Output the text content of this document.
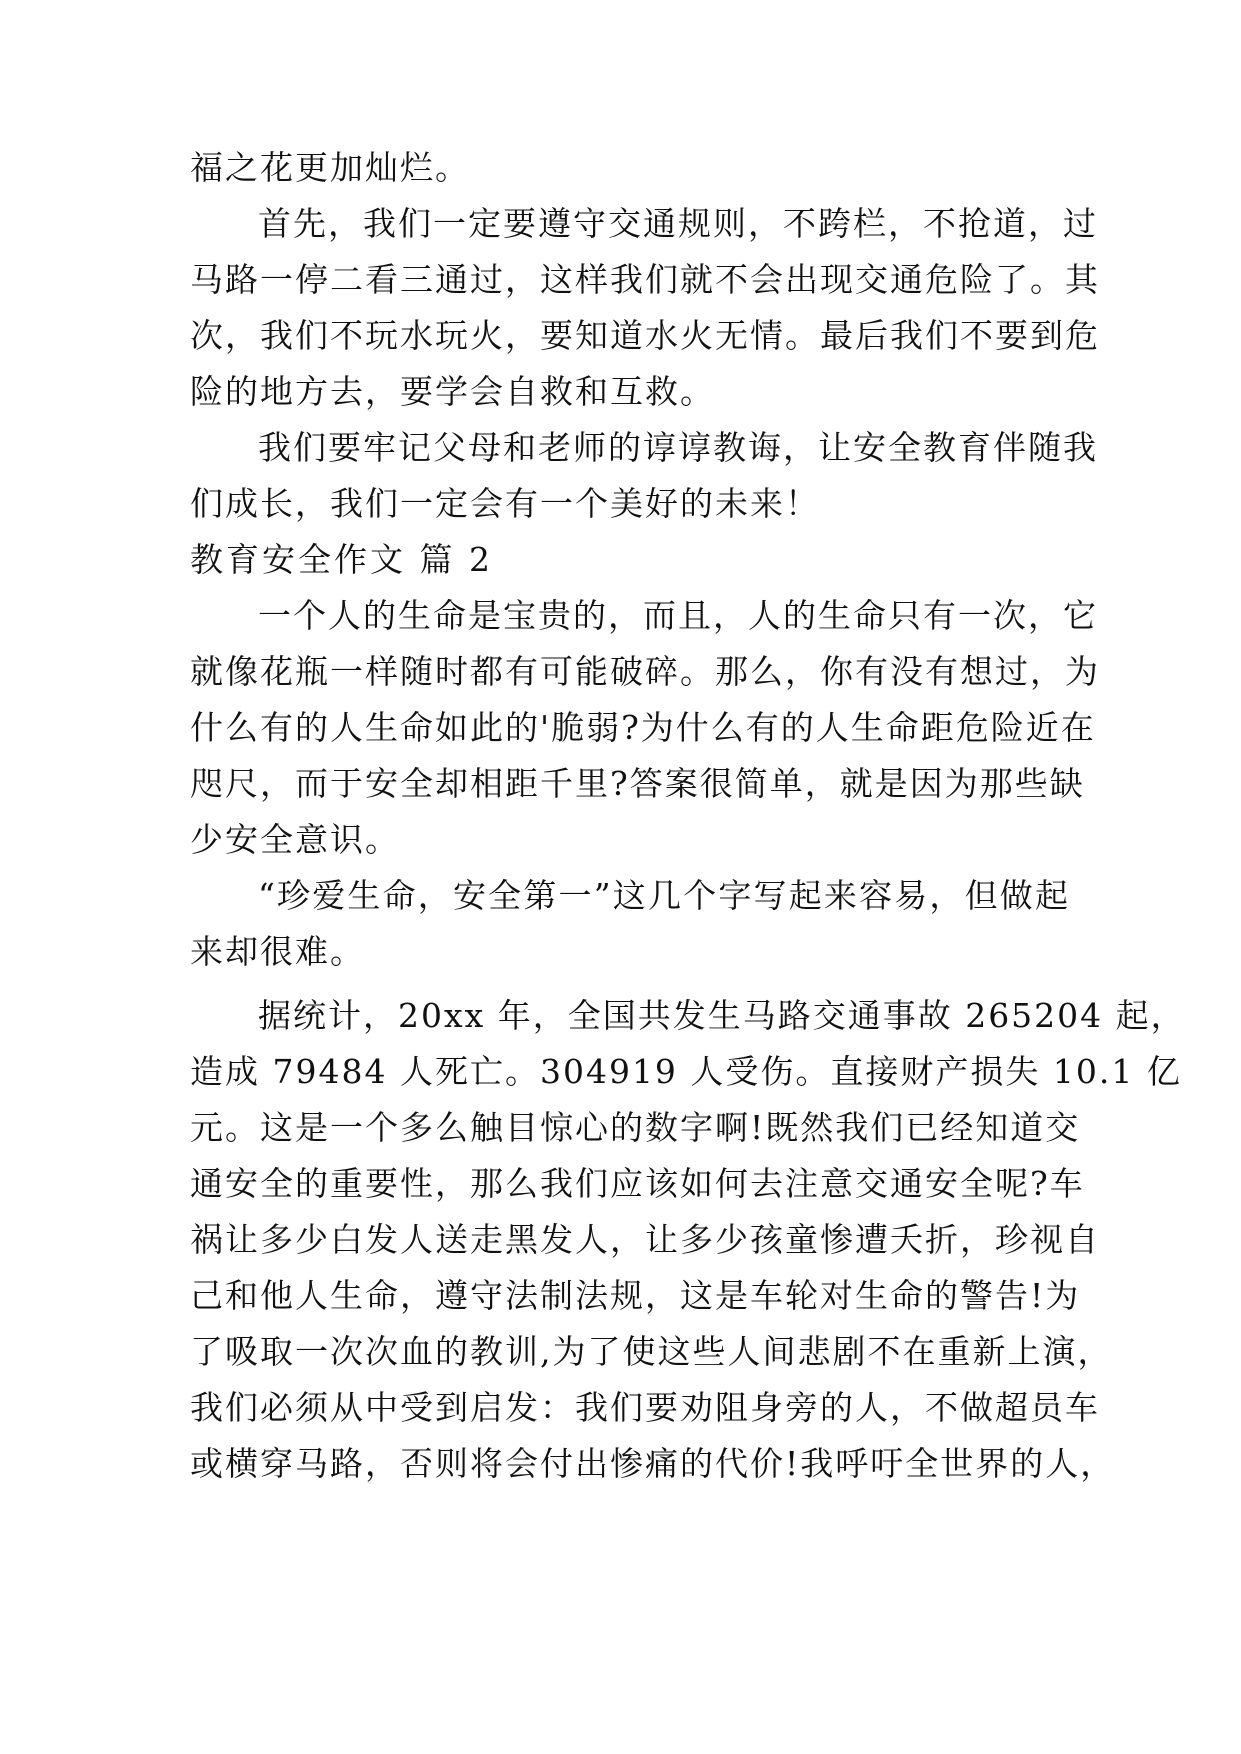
福之花更加灿烂。
首先，我们一定要遵守交通规则，不跨栏，不抢道，过
马路一停二看三通过，这样我们就不会出现交通危险了。其
次，我们不玩水玩火，要知道水火无情。最后我们不要到危
险的地方去，要学会自救和互救。
我们要牢记父母和老师的谆谆教诲，让安全教育伴随我
们成长，我们一定会有一个美好的未来！
教育安全作文 篇 2
一个人的生命是宝贵的，而且，人的生命只有一次，它
就像花瓶一样随时都有可能破碎。那么，你有没有想过，为
什么有的人生命如此的'脆弱?为什么有的人生命距危险近在
咫尺，而于安全却相距千里?答案很简单，就是因为那些缺
少安全意识。
“珍爱生命，安全第一”这几个字写起来容易，但做起
来却很难。
据统计，20xx 年，全国共发生马路交通事故 265204 起，
造成 79484 人死亡。304919 人受伤。直接财产损失 10.1 亿
元。这是一个多么触目惊心的数字啊!既然我们已经知道交
通安全的重要性，那么我们应该如何去注意交通安全呢?车
祸让多少白发人送走黑发人，让多少孩童惨遭夭折，珍视自
己和他人生命，遵守法制法规，这是车轮对生命的警告!为
了吸取一次次血的教训,为了使这些人间悲剧不在重新上演，
我们必须从中受到启发：我们要劝阻身旁的人，不做超员车
或横穿马路，否则将会付出惨痛的代价!我呼吁全世界的人，
